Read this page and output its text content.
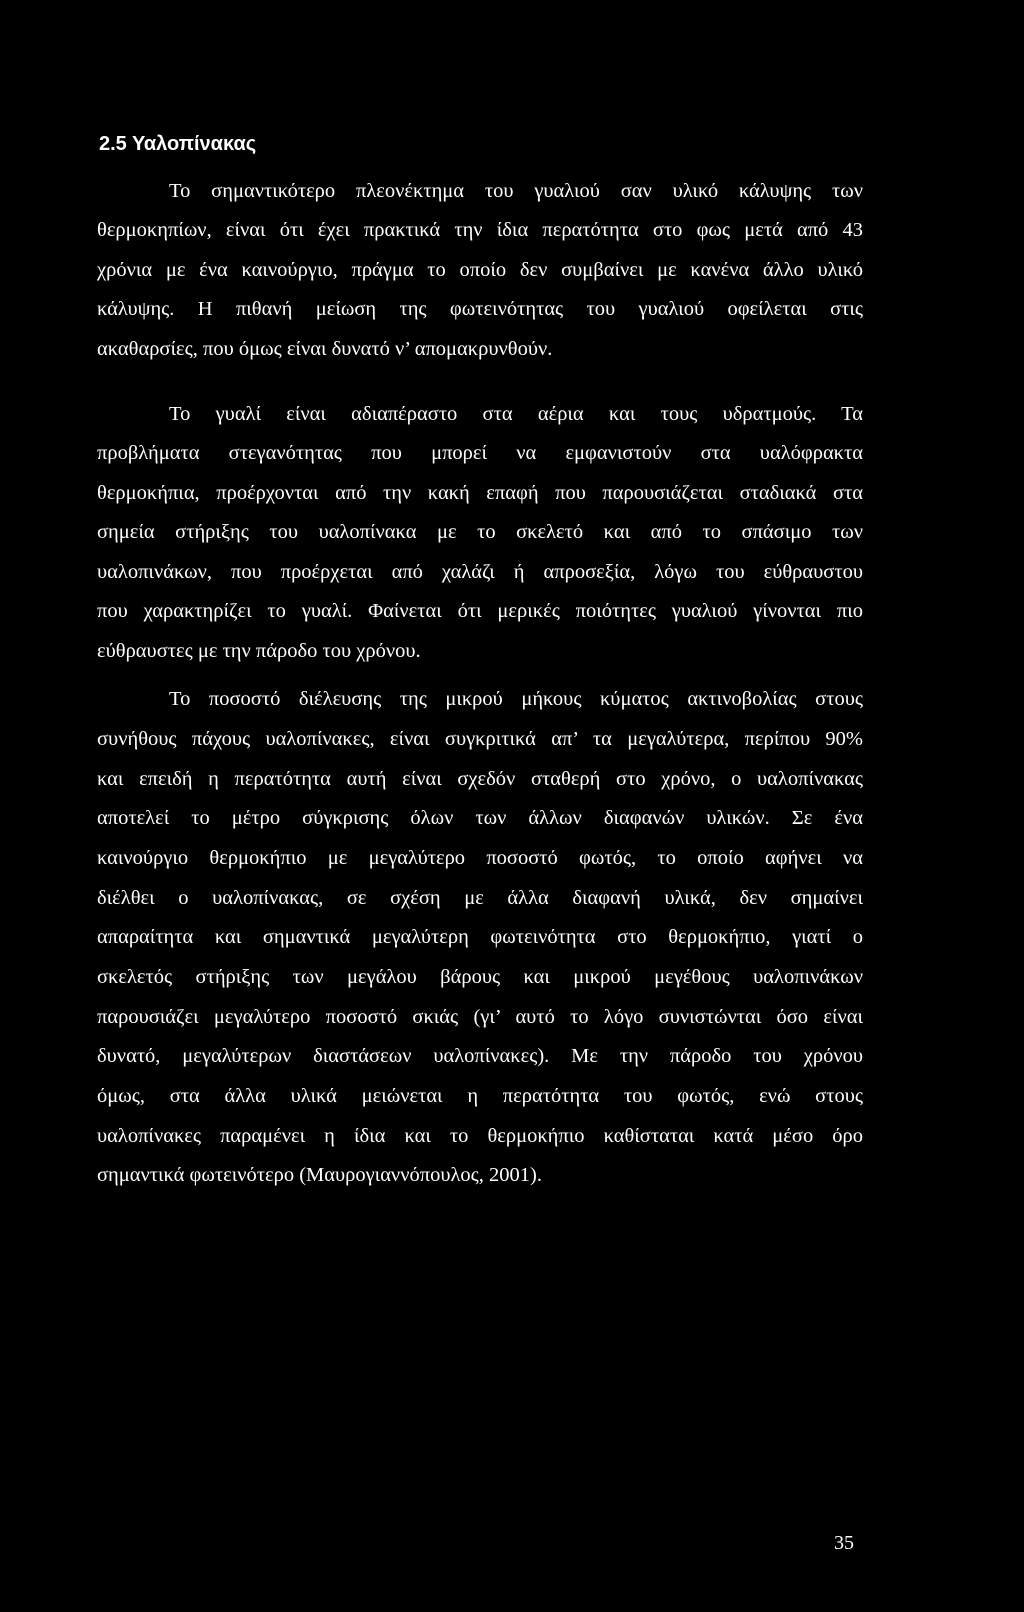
2.5 Υαλοπίνακας
Το σημαντικότερο πλεονέκτημα του γυαλιού σαν υλικό κάλυψης των
θερμοκηπίων, είναι ότι έχει πρακτικά την ίδια περατότητα στο φως μετά από 43
χρόνια με ένα καινούργιο, πράγμα το οποίο δεν συμβαίνει με κανένα άλλο υλικό
κάλυψης. Η πιθανή μείωση της φωτεινότητας του γυαλιού οφείλεται στις
ακαθαρσίες, που όμως είναι δυνατό ν’ απομακρυνθούν.
Το γυαλί είναι αδιαπέραστο στα αέρια και τους υδρατμούς. Τα
προβλήματα στεγανότητας που μπορεί να εμφανιστούν στα υαλόφρακτα
θερμοκήπια, προέρχονται από την κακή επαφή που παρουσιάζεται σταδιακά στα
σημεία στήριξης του υαλοπίνακα με το σκελετό και από το σπάσιμο των
υαλοπινάκων, που προέρχεται από χαλάζι ή απροσεξία, λόγω του εύθραυστου
που χαρακτηρίζει το γυαλί. Φαίνεται ότι μερικές ποιότητες γυαλιού γίνονται πιο
εύθραυστες με την πάροδο του χρόνου.
Το ποσοστό διέλευσης της μικρού μήκους κύματος ακτινοβολίας στους
συνήθους πάχους υαλοπίνακες, είναι συγκριτικά απ’ τα μεγαλύτερα, περίπου 90%
και επειδή η περατότητα αυτή είναι σχεδόν σταθερή στο χρόνο, ο υαλοπίνακας
αποτελεί το μέτρο σύγκρισης όλων των άλλων διαφανών υλικών. Σε ένα
καινούργιο θερμοκήπιο με μεγαλύτερο ποσοστό φωτός, το οποίο αφήνει να
διέλθει ο υαλοπίνακας, σε σχέση με άλλα διαφανή υλικά, δεν σημαίνει
απαραίτητα και σημαντικά μεγαλύτερη φωτεινότητα στο θερμοκήπιο, γιατί ο
σκελετός στήριξης των μεγάλου βάρους και μικρού μεγέθους υαλοπινάκων
παρουσιάζει μεγαλύτερο ποσοστό σκιάς (γι’ αυτό το λόγο συνιστώνται όσο είναι
δυνατό, μεγαλύτερων διαστάσεων υαλοπίνακες). Με την πάροδο του χρόνου
όμως, στα άλλα υλικά μειώνεται η περατότητα του φωτός, ενώ στους
υαλοπίνακες παραμένει η ίδια και το θερμοκήπιο καθίσταται κατά μέσο όρο
σημαντικά φωτεινότερο (Μαυρογιαννόπουλος, 2001).
35
